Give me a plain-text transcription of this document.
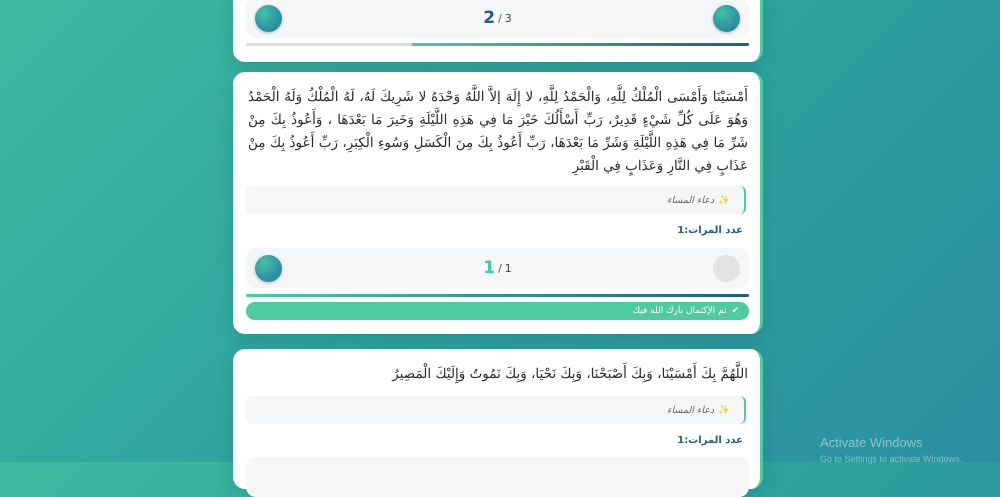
2 / 3
أَمْسَيْنَا وَأَمْسَى الْمُلْكُ لِلَّهِ، وَالْحَمْدُ لِلَّهِ، لا إِلَهَ إلاَّ اللَّهُ وَحْدَهُ لا شَرِيكَ لَهُ، لَهُ الْمُلْكُ وَلَهُ الْحَمْدُ وَهُوَ عَلَى كُلِّ شَيْءٍ قَدِيرٌ، رَبِّ أَسْأَلُكَ خَيْرَ مَا فِي هَذِهِ اللَّيْلَةِ وَخَيرَ مَا بَعْدَهَا ، وَأَعُوذُ بِكَ مِنْ شَرِّ مَا فِي هَذِهِ اللَّيْلَةِ وَشَرِّ مَا بَعْدَهَا، رَبِّ أَعُوذُ بِكَ مِنَ الْكَسَلِ وَسُوءِ الْكِبَرِ، رَبِّ أَعُوذُ بِكَ مِنْ عَذَابٍ فِي النَّارِ وَعَذَابٍ فِي الْقَبْرِ
✨
دعاء المساء
عدد المرات:1
1 / 1
✔
تم الإكتمال بارك الله فيك
اللَّهُمَّ بِكَ أَمْسَيْنَا، وَبِكَ أَصْبَحْنَا، وَبِكَ نَحْيَا، وَبِكَ نَمُوتُ وَإِلَيْكَ الْمَصِيرُ
✨
دعاء المساء
عدد المرات:1	Activate Windows
Go to Settings to activate Windows.
